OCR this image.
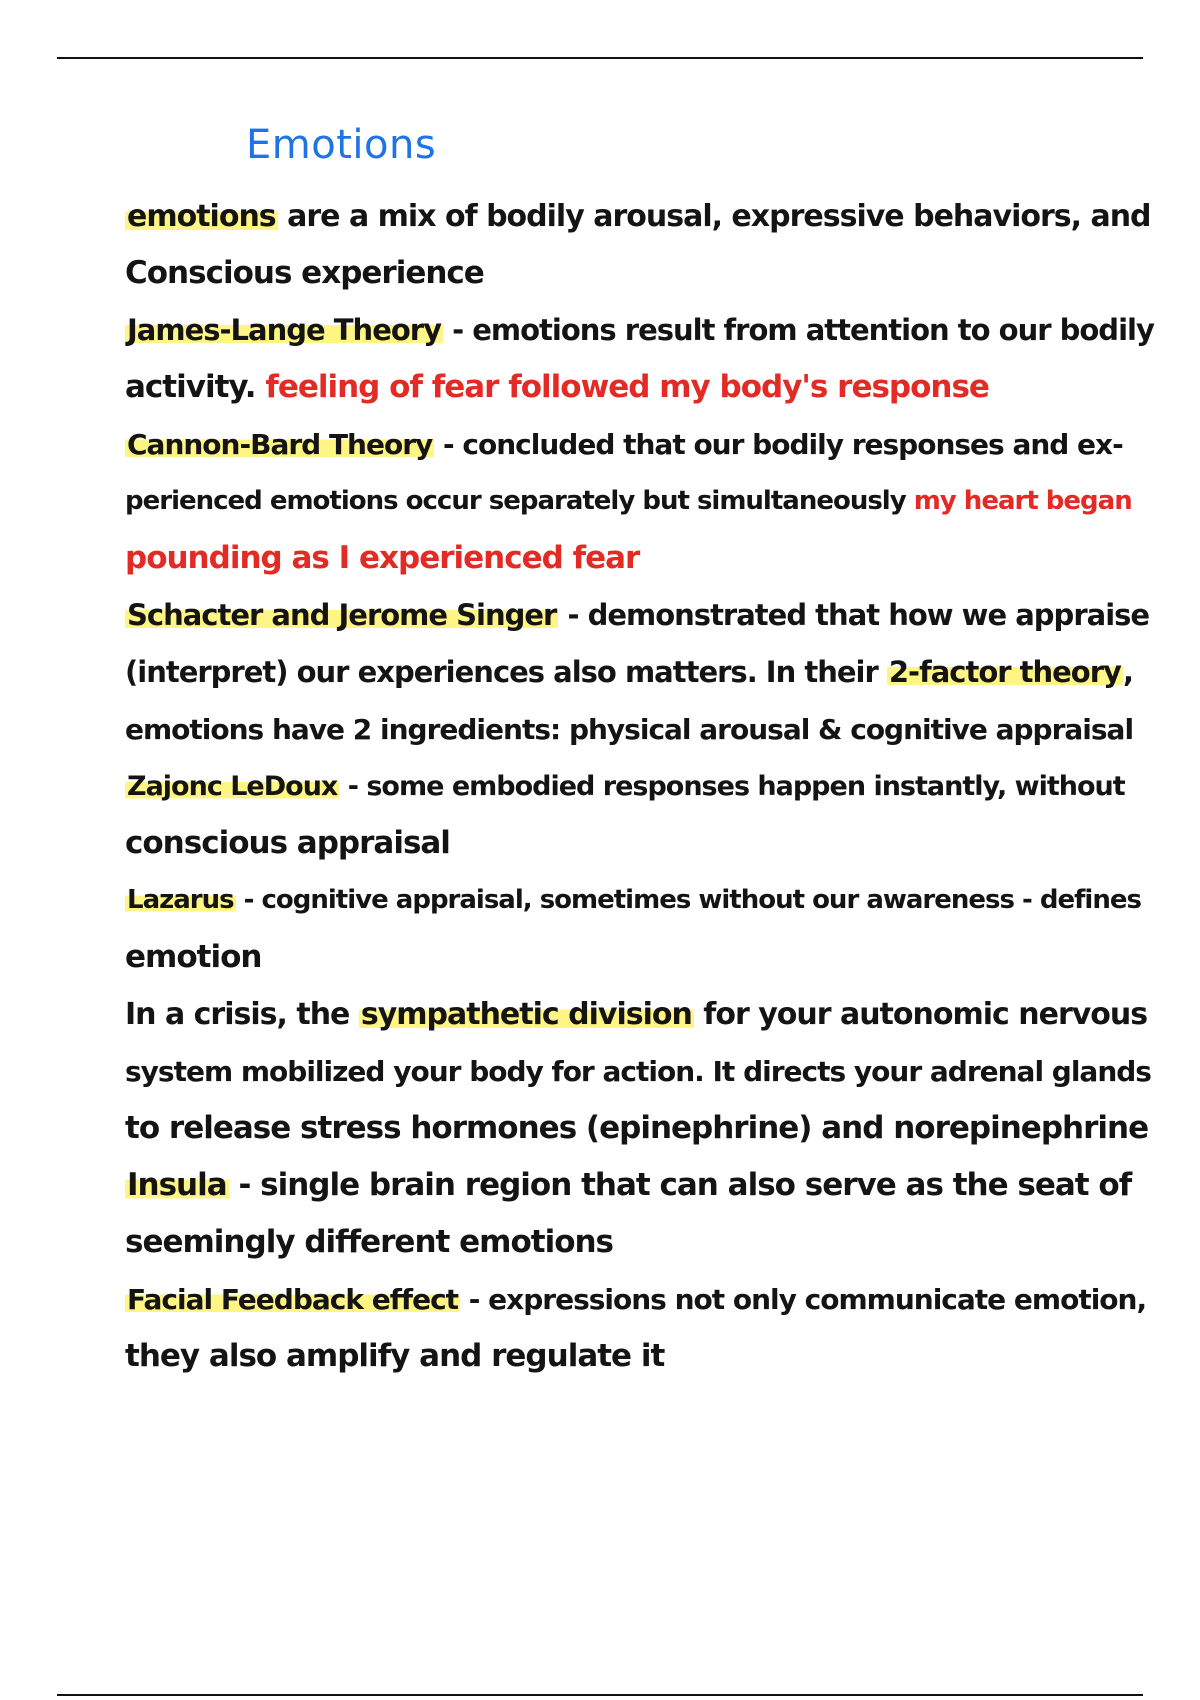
Emotions
emotions are a mix of bodily arousal, expressive behaviors, and
Conscious experience
James-Lange Theory - emotions result from attention to our bodily
activity. feeling of fear followed my body's response
Cannon-Bard Theory - concluded that our bodily responses and ex-
perienced emotions occur separately but simultaneously my heart began
pounding as I experienced fear
Schacter and Jerome Singer - demonstrated that how we appraise
(interpret) our experiences also matters. In their 2-factor theory,
emotions have 2 ingredients: physical arousal & cognitive appraisal
Zajonc LeDoux - some embodied responses happen instantly, without
conscious appraisal
Lazarus - cognitive appraisal, sometimes without our awareness - defines
emotion
In a crisis, the sympathetic division for your autonomic nervous
system mobilized your body for action. It directs your adrenal glands
to release stress hormones (epinephrine) and norepinephrine
Insula - single brain region that can also serve as the seat of
seemingly different emotions
Facial Feedback effect - expressions not only communicate emotion,
they also amplify and regulate it
